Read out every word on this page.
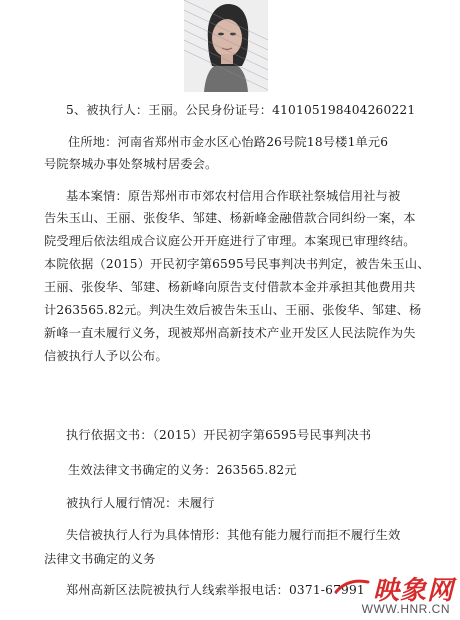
5、被执行人：王丽。公民身份证号：410105198404260221
住所地：河南省郑州市金水区心怡路26号院18号楼1单元6
号院祭城办事处祭城村居委会。
基本案情：原告郑州市市郊农村信用合作联社祭城信用社与被
告朱玉山、王丽、张俊华、邹建、杨新峰金融借款合同纠纷一案，本
院受理后依法组成合议庭公开开庭进行了审理。本案现已审理终结。
本院依据（2015）开民初字第6595号民事判决书判定，被告朱玉山、
王丽、张俊华、邹建、杨新峰向原告支付借款本金并承担其他费用共
计263565.82元。判决生效后被告朱玉山、王丽、张俊华、邹建、杨
新峰一直未履行义务，现被郑州高新技术产业开发区人民法院作为失
信被执行人予以公布。
执行依据文书：（2015）开民初字第6595号民事判决书
生效法律文书确定的义务：263565.82元
被执行人履行情况：未履行
失信被执行人行为具体情形：其他有能力履行而拒不履行生效
法律文书确定的义务
郑州高新区法院被执行人线索举报电话：0371-67991 映象网
WWW.HNR.CN
